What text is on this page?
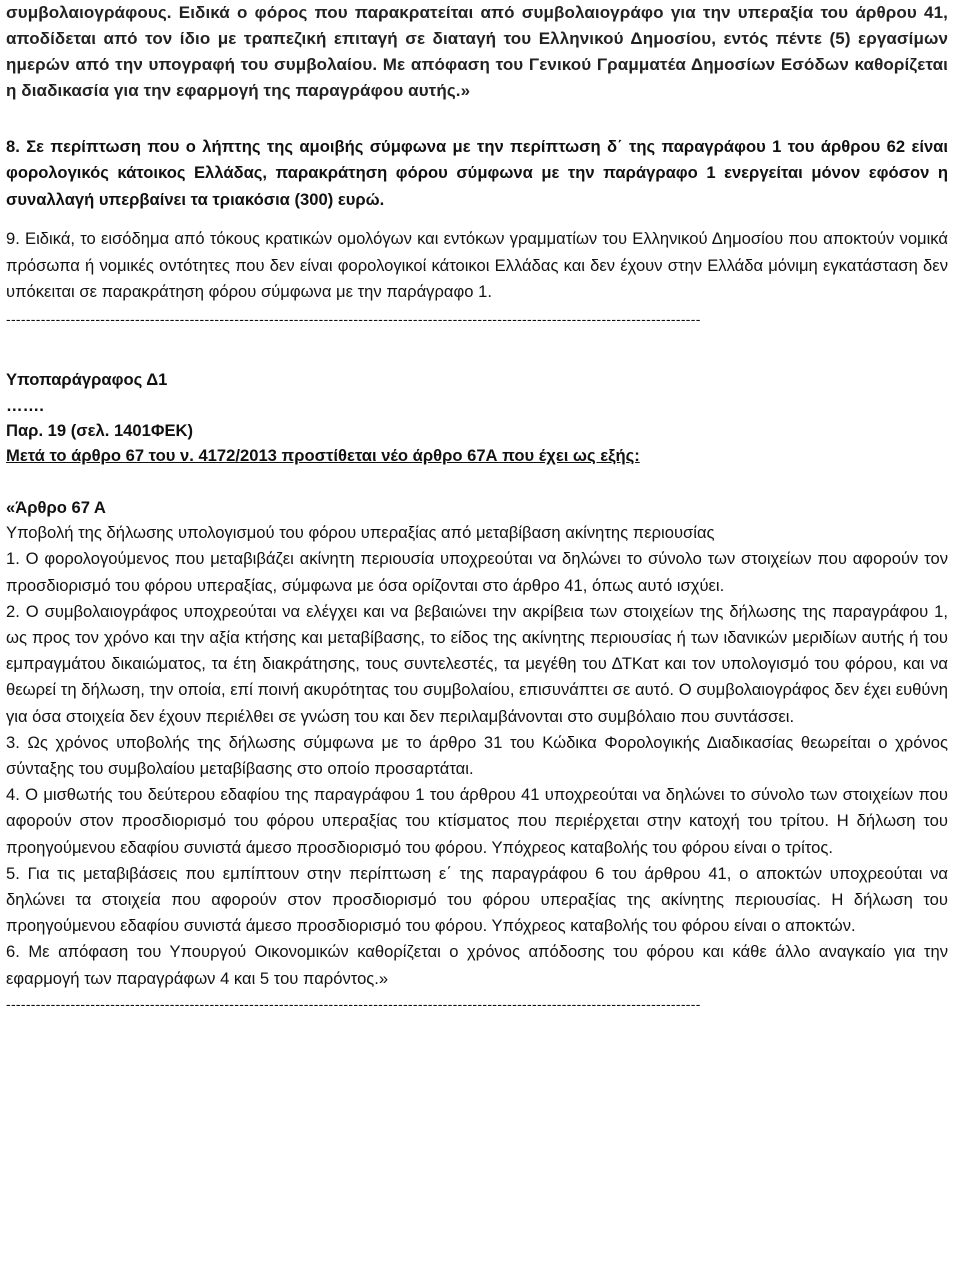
συμβολαιογράφους. Ειδικά ο φόρος που παρακρατείται από συμβολαιογράφο για την υπεραξία του άρθρου 41, αποδίδεται από τον ίδιο με τραπεζική επιταγή σε διαταγή του Ελληνικού Δημοσίου, εντός πέντε (5) εργασίμων ημερών από την υπογραφή του συμβολαίου. Με απόφαση του Γενικού Γραμματέα Δημοσίων Εσόδων καθορίζεται η διαδικασία για την εφαρμογή της παραγράφου αυτής.»

8. Σε περίπτωση που ο λήπτης της αμοιβής σύμφωνα με την περίπτωση δ΄ της παραγράφου 1 του άρθρου 62 είναι φορολογικός κάτοικος Ελλάδας, παρακράτηση φόρου σύμφωνα με την παράγραφο 1 ενεργείται μόνον εφόσον η συναλλαγή υπερβαίνει τα τριακόσια (300) ευρώ.

9. Ειδικά, το εισόδημα από τόκους κρατικών ομολόγων και εντόκων γραμματίων του Ελληνικού Δημοσίου που αποκτούν νομικά πρόσωπα ή νομικές οντότητες που δεν είναι φορολογικοί κάτοικοι Ελλάδας και δεν έχουν στην Ελλάδα μόνιμη εγκατάσταση δεν υπόκειται σε παρακράτηση φόρου σύμφωνα με την παράγραφο 1.

--------------------------------------------------------------------------------------------------------------------------------------------
Υποπαράγραφος Δ1
…….
Παρ. 19 (σελ. 1401ΦΕΚ)
Μετά το άρθρο 67 του ν. 4172/2013 προστίθεται νέο άρθρο 67Α που έχει ως εξής:
«Άρθρο 67 Α
Υποβολή της δήλωσης υπολογισμού του φόρου υπεραξίας από μεταβίβαση ακίνητης περιουσίας

1. Ο φορολογούμενος που μεταβιβάζει ακίνητη περιουσία υποχρεούται να δηλώνει το σύνολο των στοιχείων που αφορούν τον προσδιορισμό του φόρου υπεραξίας, σύμφωνα με όσα ορίζονται στο άρθρο 41, όπως αυτό ισχύει.

2. Ο συμβολαιογράφος υποχρεούται να ελέγχει και να βεβαιώνει την ακρίβεια των στοιχείων της δήλωσης της παραγράφου 1, ως προς τον χρόνο και την αξία κτήσης και μεταβίβασης, το είδος της ακίνητης περιουσίας ή των ιδανικών μεριδίων αυτής ή του εμπραγμάτου δικαιώματος, τα έτη διακράτησης, τους συντελεστές, τα μεγέθη του ΔΤΚατ και τον υπολογισμό του φόρου, και να θεωρεί τη δήλωση, την οποία, επί ποινή ακυρότητας του συμβολαίου, επισυνάπτει σε αυτό. Ο συμβολαιογράφος δεν έχει ευθύνη για όσα στοιχεία δεν έχουν περιέλθει σε γνώση του και δεν περιλαμβάνονται στο συμβόλαιο που συντάσσει.

3. Ως χρόνος υποβολής της δήλωσης σύμφωνα με το άρθρο 31 του Κώδικα Φορολογικής Διαδικασίας θεωρείται ο χρόνος σύνταξης του συμβολαίου μεταβίβασης στο οποίο προσαρτάται.

4. Ο μισθωτής του δεύτερου εδαφίου της παραγράφου 1 του άρθρου 41 υποχρεούται να δηλώνει το σύνολο των στοιχείων που αφορούν στον προσδιορισμό του φόρου υπεραξίας του κτίσματος που περιέρχεται στην κατοχή του τρίτου. Η δήλωση του προηγούμενου εδαφίου συνιστά άμεσο προσδιορισμό του φόρου. Υπόχρεος καταβολής του φόρου είναι ο τρίτος.

5. Για τις μεταβιβάσεις που εμπίπτουν στην περίπτωση ε΄ της παραγράφου 6 του άρθρου 41, ο αποκτών υποχρεούται να δηλώνει τα στοιχεία που αφορούν στον προσδιορισμό του φόρου υπεραξίας της ακίνητης περιουσίας. Η δήλωση του προηγούμενου εδαφίου συνιστά άμεσο προσδιορισμό του φόρου. Υπόχρεος καταβολής του φόρου είναι ο αποκτών.

6. Με απόφαση του Υπουργού Οικονομικών καθορίζεται ο χρόνος απόδοσης του φόρου και κάθε άλλο αναγκαίο για την εφαρμογή των παραγράφων 4 και 5 του παρόντος.»

--------------------------------------------------------------------------------------------------------------------------------------------
